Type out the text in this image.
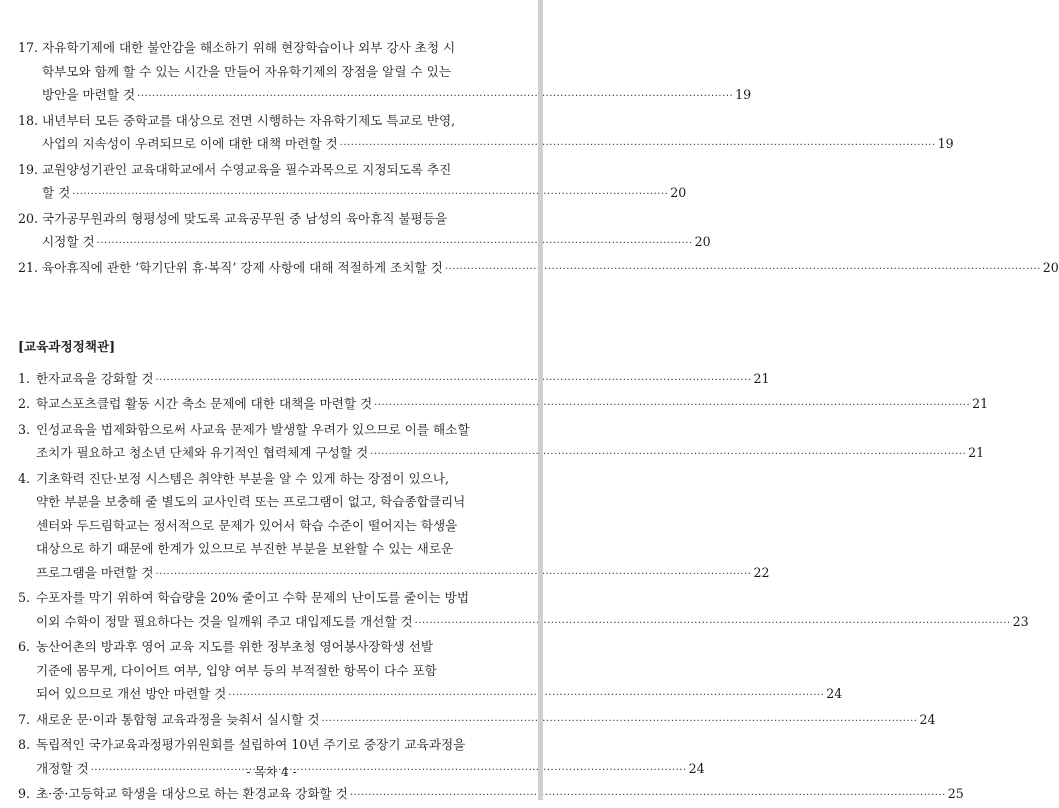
17. 자유학기제에 대한 불안감을 해소하기 위해 현장학습이나 외부 강사 초청 시
학부모와 함께 할 수 있는 시간을 만들어 자유학기제의 장점을 알릴 수 있는
방안을 마련할 것 ·····	19
18. 내년부터 모든 중학교를 대상으로 전면 시행하는 자유학기제도 특교로 반영,
사업의 지속성이 우려되므로 이에 대한 대책 마련할 것 ·····	19
19. 교원양성기관인 교육대학교에서 수영교육을 필수과목으로 지정되도록 추진
할 것 ·····	20
20. 국가공무원과의 형평성에 맞도록 교육공무원 중 남성의 육아휴직 불평등을
시정할 것 ·····	20
21. 육아휴직에 관한 ‘학기단위 휴·복직’ 강제 사항에 대해 적절하게 조치할 것 ·····	20
[교육과정정책관]
1. 한자교육을 강화할 것 ·····	21
2. 학교스포츠클럽 활동 시간 축소 문제에 대한 대책을 마련할 것 ·····	21
3. 인성교육을 법제화함으로써 사교육 문제가 발생할 우려가 있으므로 이를 해소할
조치가 필요하고 청소년 단체와 유기적인 협력체계 구성할 것 ·····	21
4. 기초학력 진단·보정 시스템은 취약한 부분을 알 수 있게 하는 장점이 있으나,
약한 부분을 보충해 줄 별도의 교사인력 또는 프로그램이 없고, 학습종합클리닉
센터와 두드림학교는 정서적으로 문제가 있어서 학습 수준이 떨어지는 학생을
대상으로 하기 때문에 한계가 있으므로 부진한 부분을 보완할 수 있는 새로운
프로그램을 마련할 것 ·····	22
5. 수포자를 막기 위하여 학습량을 20% 줄이고 수학 문제의 난이도를 줄이는 방법
이외 수학이 정말 필요하다는 것을 일깨워 주고 대입제도를 개선할 것 ·····	23
6. 농산어촌의 방과후 영어 교육 지도를 위한 정부초청 영어봉사장학생 선발
기준에 몸무게, 다이어트 여부, 입양 여부 등의 부적절한 항목이 다수 포함
되어 있으므로 개선 방안 마련할 것 ·····	24
7. 새로운 문·이과 통합형 교육과정을 늦춰서 실시할 것 ·····	24
8. 독립적인 국가교육과정평가위원회를 설립하여 10년 주기로 중장기 교육과정을
개정할 것 ·····	24
9. 초·중·고등학교 학생을 대상으로 하는 환경교육 강화할 것 ·····	25
- 목차 4 -
